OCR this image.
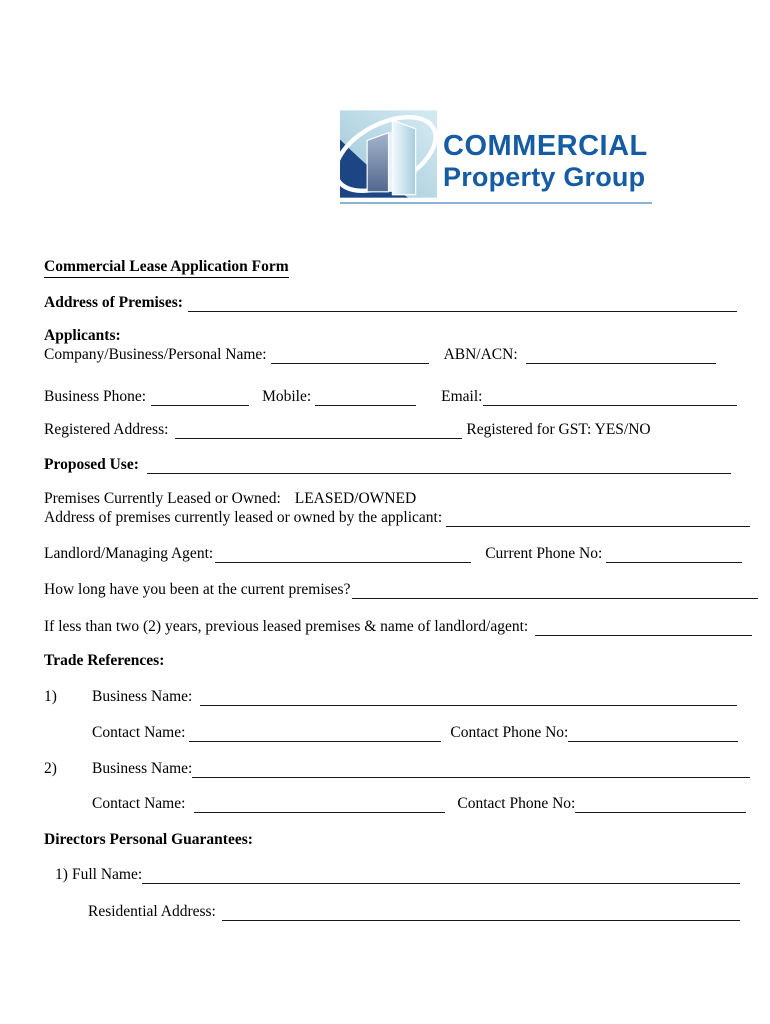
COMMERCIAL
Property Group
Commercial Lease Application Form
Address of Premises:
Applicants:
Company/Business/Personal Name:	ABN/ACN:
Business Phone:	Mobile:	Email:
Registered Address:	Registered for GST: YES/NO
Proposed Use:
Premises Currently Leased or Owned: LEASED/OWNED
Address of premises currently leased or owned by the applicant:
Landlord/Managing Agent:	Current Phone No:
How long have you been at the current premises?
If less than two (2) years, previous leased premises & name of landlord/agent:
Trade References:
1)	Business Name:
Contact Name:	Contact Phone No:
2)	Business Name:
Contact Name:	Contact Phone No:
Directors Personal Guarantees:
1) Full Name:
Residential Address:
